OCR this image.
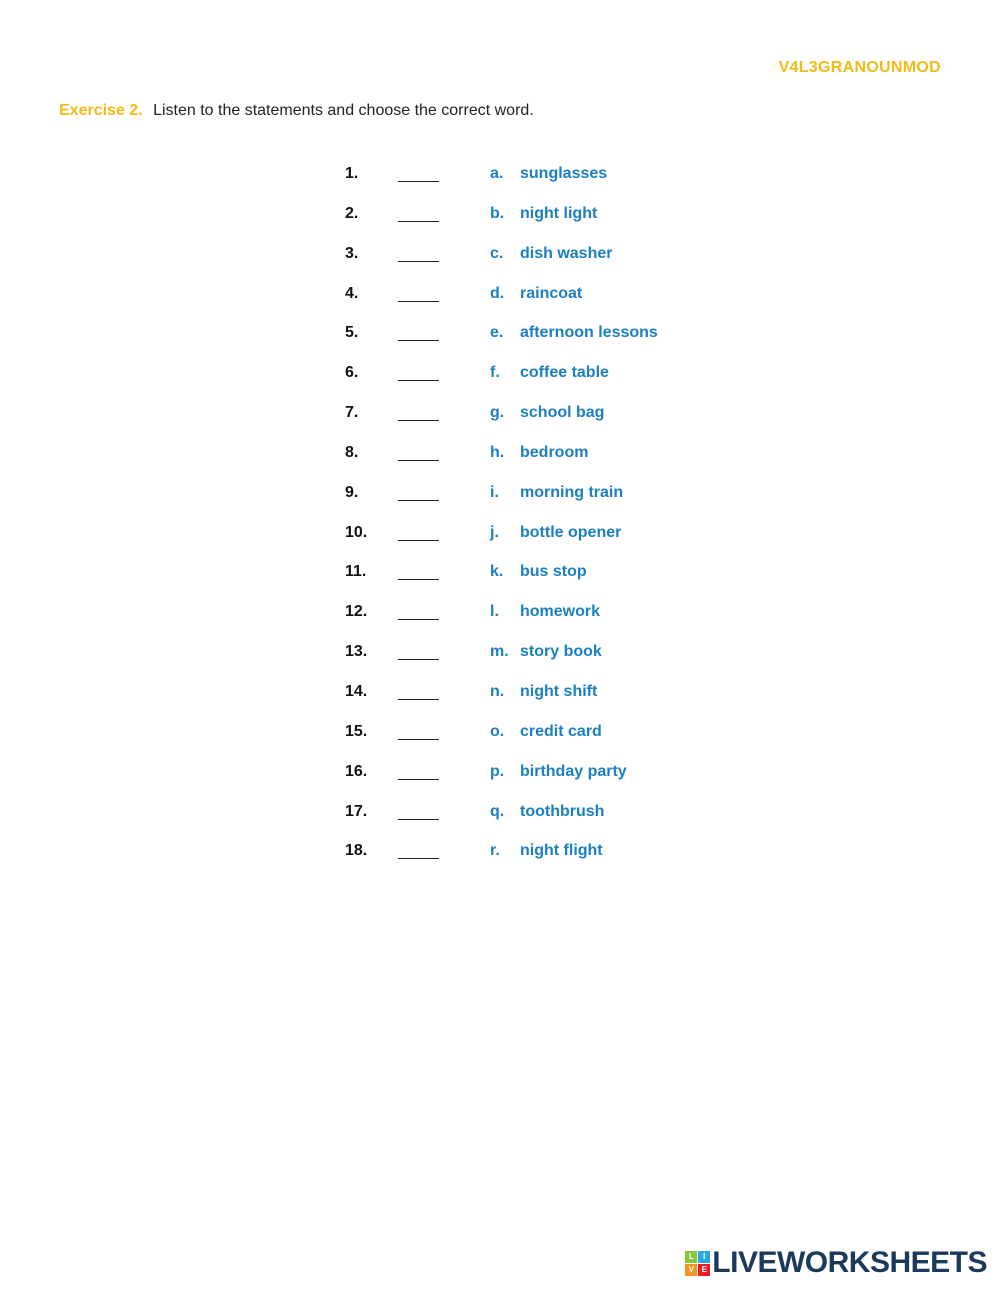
V4L3GRANOUNMOD
Exercise 2. Listen to the statements and choose the correct word.
1.	a. sunglasses
2.	b. night light
3.	c. dish washer
4.	d. raincoat
5.	e. afternoon lessons
6.	f. coffee table
7.	g. school bag
8.	h. bedroom
9.	i. morning train
10.	j. bottle opener
11.	k. bus stop
12.	l. homework
13.	m. story book
14.	n. night shift
15.	o. credit card
16.	p. birthday party
17.	q. toothbrush
18.	r. night flight
L	I
V E LIVEWORKSHEETS
